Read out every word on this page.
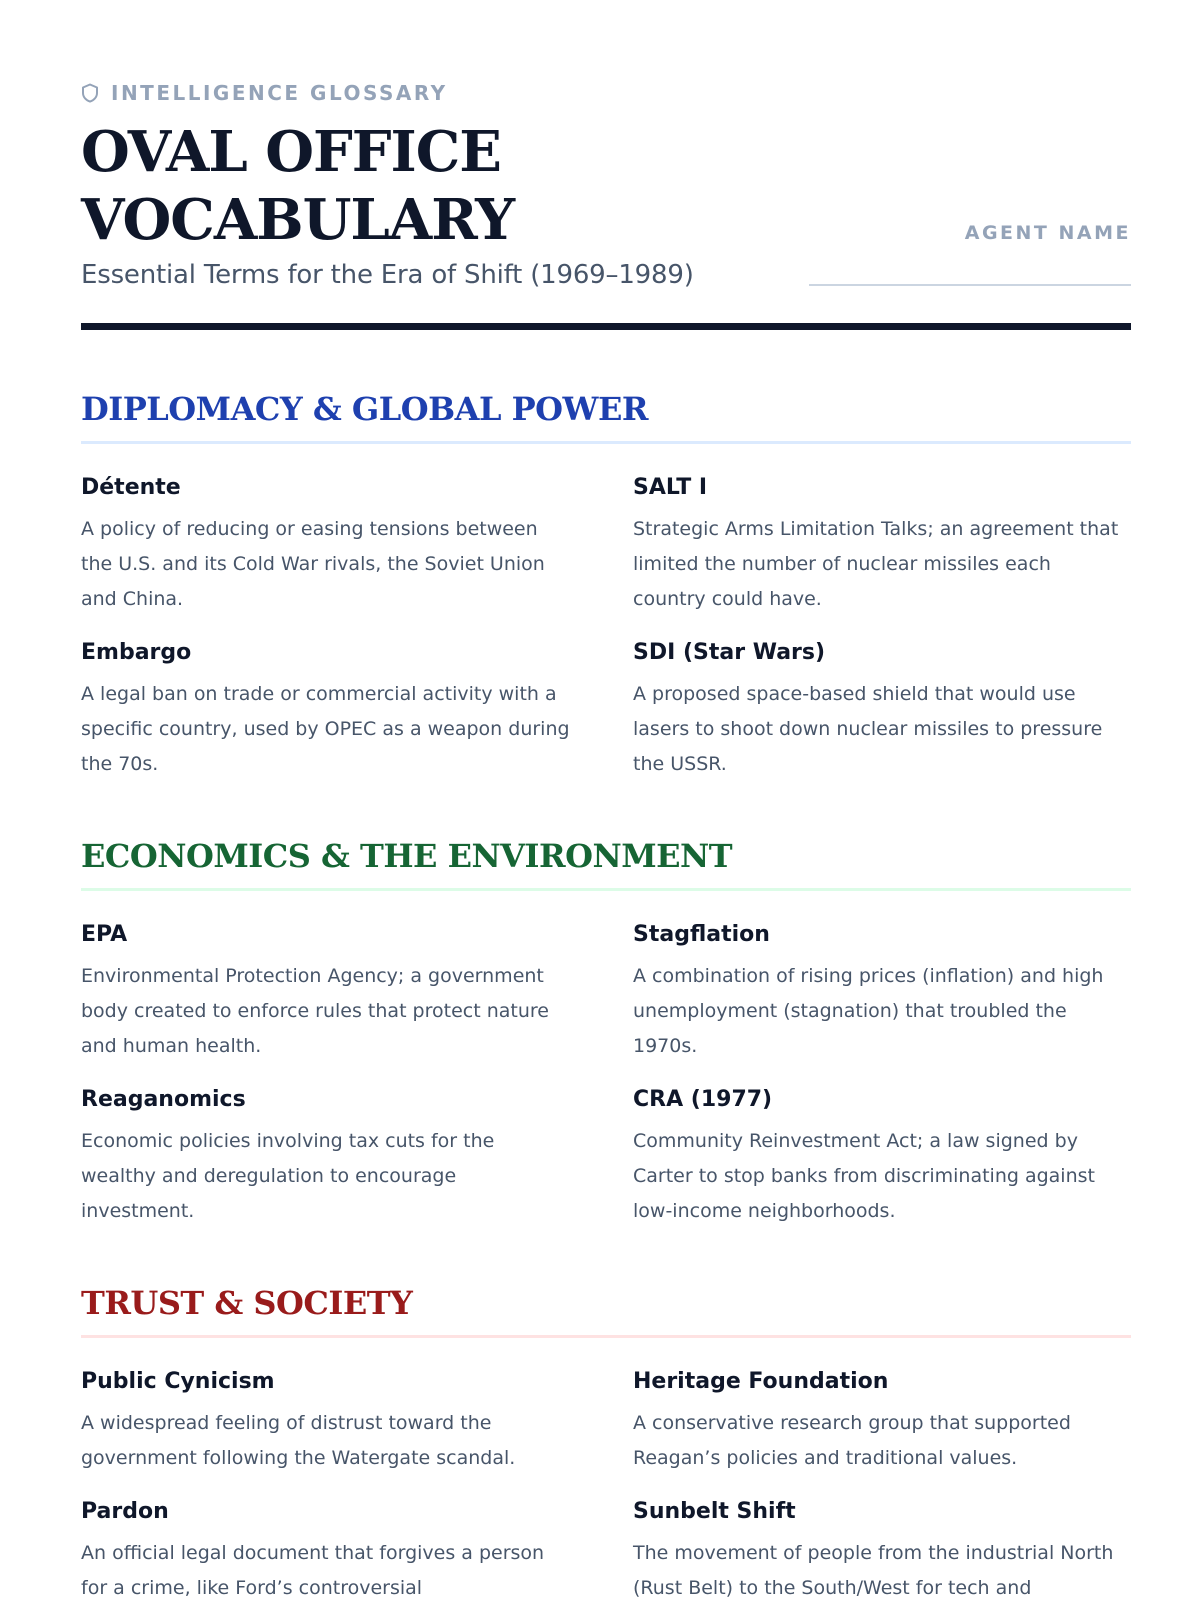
INTELLIGENCE GLOSSARY
OVAL OFFICE VOCABULARY
Essential Terms for the Era of Shift (1969–1989)
AGENT NAME
DIPLOMACY & GLOBAL POWER
Détente
A policy of reducing or easing tensions between the U.S. and its Cold War rivals, the Soviet Union and China.
SALT I
Strategic Arms Limitation Talks; an agreement that limited the number of nuclear missiles each country could have.
Embargo
A legal ban on trade or commercial activity with a specific country, used by OPEC as a weapon during the 70s.
SDI (Star Wars)
A proposed space-based shield that would use lasers to shoot down nuclear missiles to pressure the USSR.
ECONOMICS & THE ENVIRONMENT
EPA
Environmental Protection Agency; a government body created to enforce rules that protect nature and human health.
Stagflation
A combination of rising prices (inflation) and high unemployment (stagnation) that troubled the 1970s.
Reaganomics
Economic policies involving tax cuts for the wealthy and deregulation to encourage investment.
CRA (1977)
Community Reinvestment Act; a law signed by Carter to stop banks from discriminating against low-income neighborhoods.
TRUST & SOCIETY
Public Cynicism
A widespread feeling of distrust toward the government following the Watergate scandal.
Heritage Foundation
A conservative research group that supported Reagan’s policies and traditional values.
Pardon
An official legal document that forgives a person for a crime, like Ford’s controversial
Sunbelt Shift
The movement of people from the industrial North (Rust Belt) to the South/West for tech and
